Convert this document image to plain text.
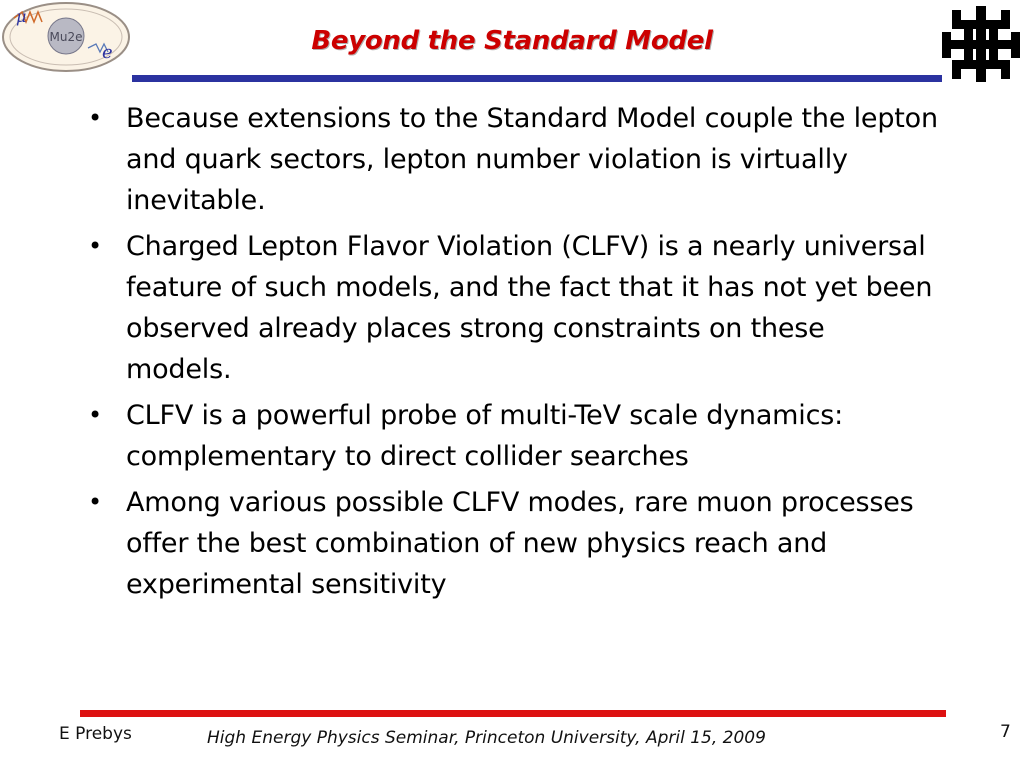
Mu2e
μ
e	Beyond the Standard Model
• Because extensions to the Standard Model couple the lepton and quark sectors, lepton number violation is virtually inevitable.
• Charged Lepton Flavor Violation (CLFV) is a nearly universal feature of such models, and the fact that it has not yet been observed already places strong constraints on these models.
• CLFV is a powerful probe of multi-TeV scale dynamics: complementary to direct collider searches
• Among various possible CLFV modes, rare muon processes offer the best combination of new physics reach and experimental sensitivity
E Prebys	High Energy Physics Seminar, Princeton University, April 15, 2009	7
